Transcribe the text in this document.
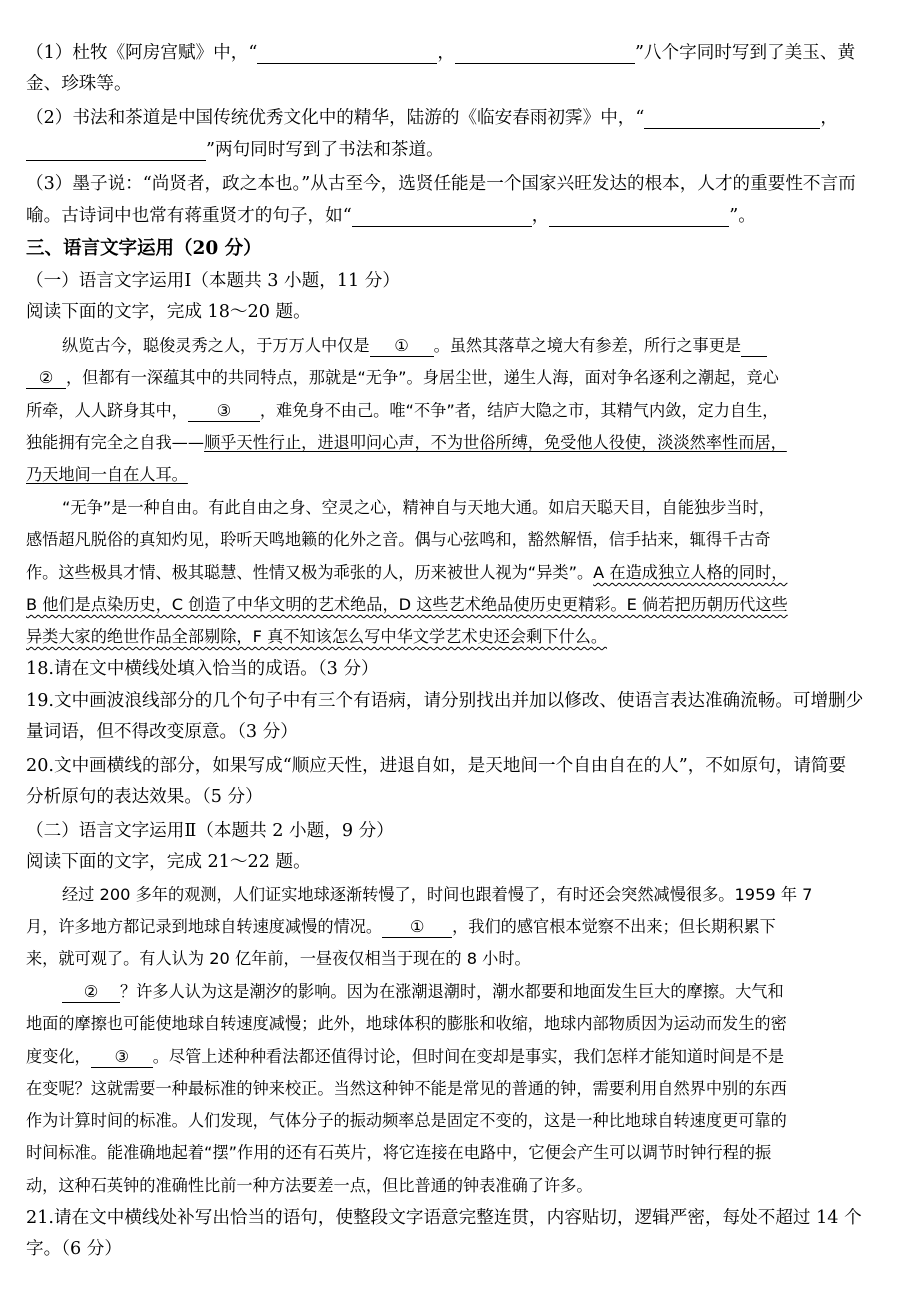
（1）杜牧《阿房宫赋》中，“	，	”八个字同时写到了美玉、黄
金、珍珠等。
（2）书法和茶道是中国传统优秀文化中的精华，陆游的《临安春雨初霁》中，“	，
”两句同时写到了书法和茶道。
（3）墨子说：“尚贤者，政之本也。”从古至今，选贤任能是一个国家兴旺发达的根本，人才的重要性不言而
喻。古诗词中也常有蒋重贤才的句子，如“	，	”。
三、语言文字运用（20 分）
（一）语言文字运用Ⅰ（本题共 3 小题，11 分）
阅读下面的文字，完成 18～20 题。
纵览古今，聪俊灵秀之人，于万万人中仅是 ① 。虽然其落草之境大有参差，所行之事更是
② ，但都有一深蕴其中的共同特点，那就是“无争”。身居尘世，递生人海，面对争名逐利之潮起，竞心
所牵，人人跻身其中， ③ ，难免身不由己。唯“不争”者，结庐大隐之市，其精气内敛，定力自生，
独能拥有完全之自我——顺乎天性行止，进退叩问心声，不为世俗所缚，免受他人役使，淡淡然率性而居，
乃天地间一自在人耳。
“无争”是一种自由。有此自由之身、空灵之心，精神自与天地大通。如启天聪天目，自能独步当时，
感悟超凡脱俗的真知灼见，聆听天鸣地籁的化外之音。偶与心弦鸣和，豁然解悟，信手拈来，辄得千古奇
作。这些极具才情、极其聪慧、性情又极为乖张的人，历来被世人视为“异类”。A 在造成独立人格的同时，
B 他们是点染历史，C 创造了中华文明的艺术绝品，D 这些艺术绝品使历史更精彩。E 倘若把历朝历代这些
异类大家的绝世作品全部剔除，F 真不知该怎么写中华文学艺术史还会剩下什么。
18.请在文中横线处填入恰当的成语。（3 分）
19.文中画波浪线部分的几个句子中有三个有语病，请分别找出并加以修改、使语言表达准确流畅。可增删少
量词语，但不得改变原意。（3 分）
20.文中画横线的部分，如果写成“顺应天性，进退自如，是天地间一个自由自在的人”，不如原句，请简要
分析原句的表达效果。（5 分）
（二）语言文字运用Ⅱ（本题共 2 小题，9 分）
阅读下面的文字，完成 21～22 题。
经过 200 多年的观测，人们证实地球逐渐转慢了，时间也跟着慢了，有时还会突然减慢很多。1959 年 7
月，许多地方都记录到地球自转速度减慢的情况。 ① ，我们的感官根本觉察不出来；但长期积累下
来，就可观了。有人认为 20 亿年前，一昼夜仅相当于现在的 8 小时。
② ？许多人认为这是潮汐的影响。因为在涨潮退潮时，潮水都要和地面发生巨大的摩擦。大气和
地面的摩擦也可能使地球自转速度减慢；此外，地球体积的膨胀和收缩，地球内部物质因为运动而发生的密
度变化， ③ 。尽管上述种种看法都还值得讨论，但时间在变却是事实，我们怎样才能知道时间是不是
在变呢？这就需要一种最标准的钟来校正。当然这种钟不能是常见的普通的钟，需要利用自然界中别的东西
作为计算时间的标准。人们发现，气体分子的振动频率总是固定不变的，这是一种比地球自转速度更可靠的
时间标准。能准确地起着“摆”作用的还有石英片，将它连接在电路中，它便会产生可以调节时钟行程的振
动，这种石英钟的准确性比前一种方法要差一点，但比普通的钟表准确了许多。
21.请在文中横线处补写出恰当的语句，使整段文字语意完整连贯，内容贴切，逻辑严密，每处不超过 14 个
字。（6 分）
